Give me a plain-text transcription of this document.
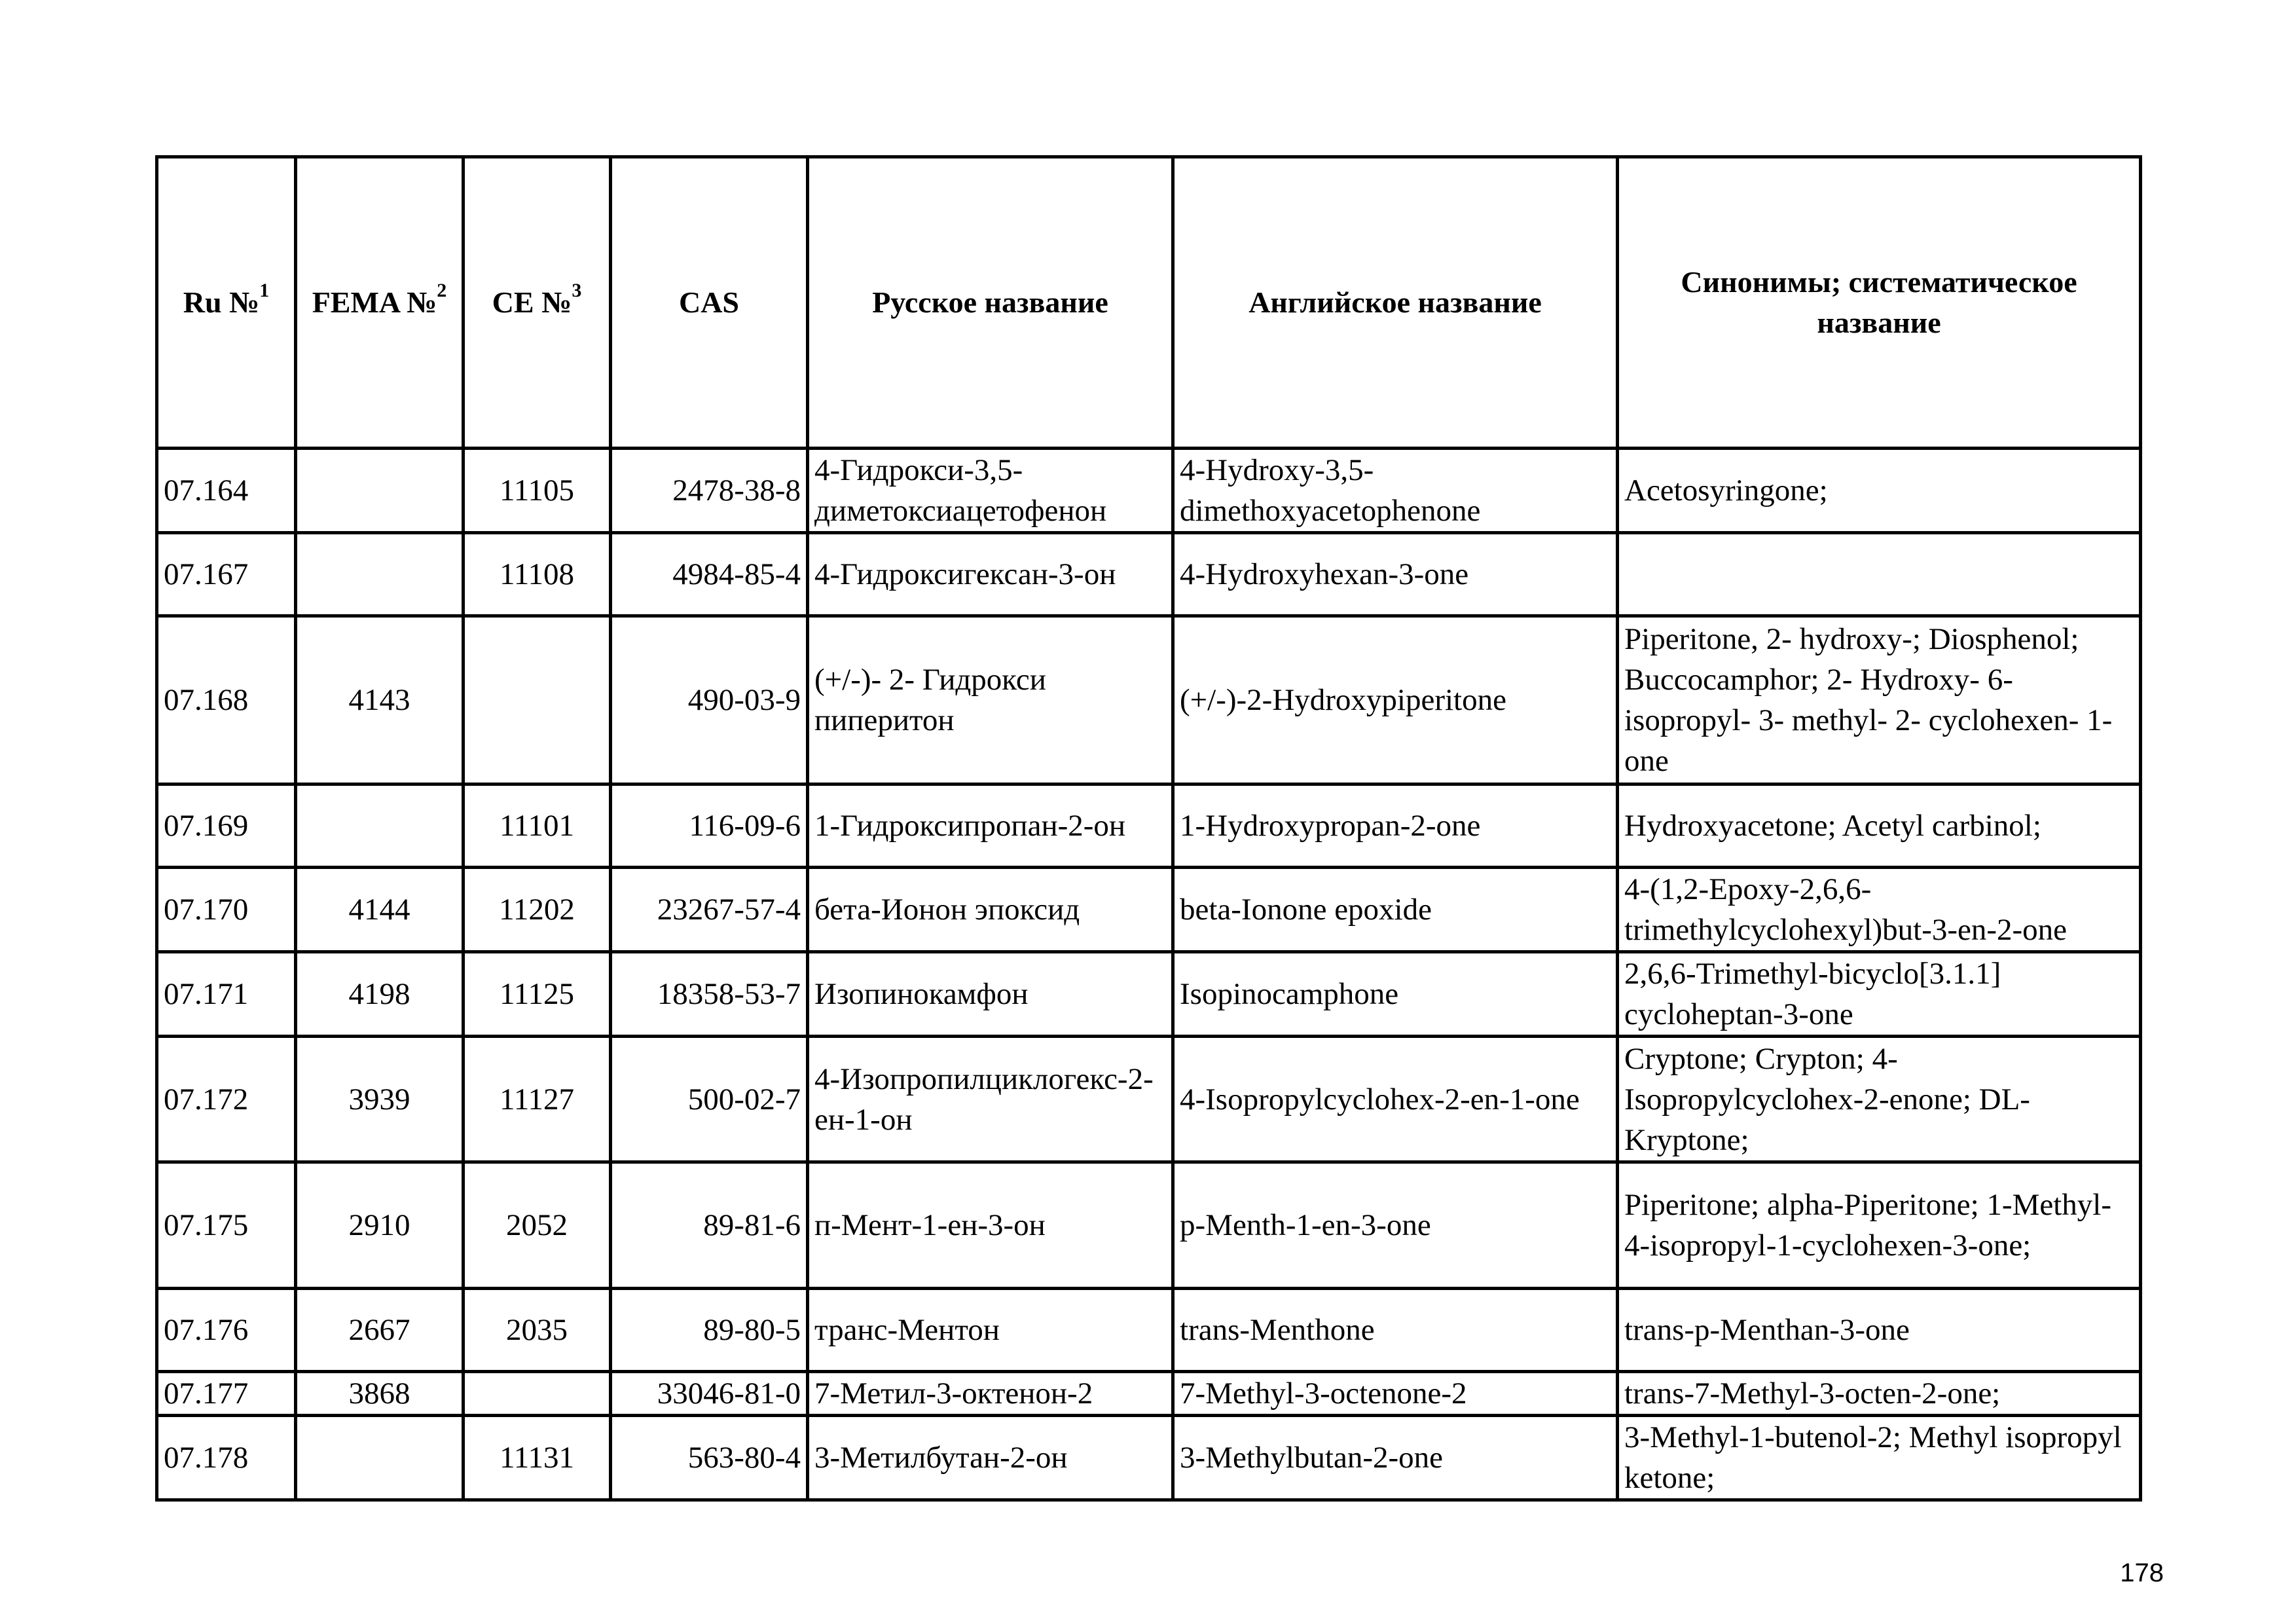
Ru №$^1$	FEMA №$^2$	CE №$^3$	CAS	Русское название	Английское название	Синонимы; систематическое название
07.164		11105	2478-38-8	4-Гидрокси-3,5-диметоксиацетофенон	4-Hydroxy-3,5-dimethoxyacetophenone	Acetosyringone;
07.167		11108	4984-85-4	4-Гидроксигексан-3-он	4-Hydroxyhexan-3-one	
07.168	4143		490-03-9	(+/-)- 2- Гидрокси пиперитон	(+/-)-2-Hydroxypiperitone	Piperitone, 2- hydroxy-; Diosphenol; Buccocamphor; 2- Hydroxy- 6- isopropyl- 3- methyl- 2- cyclohexen- 1- one
07.169		11101	116-09-6	1-Гидроксипропан-2-он	1-Hydroxypropan-2-one	Hydroxyacetone; Acetyl carbinol;
07.170	4144	11202	23267-57-4	бета-Ионон эпоксид	beta-Ionone epoxide	4-(1,2-Epoxy-2,6,6-trimethylcyclohexyl)but-3-en-2-one
07.171	4198	11125	18358-53-7	Изопинокамфон	Isopinocamphone	2,6,6-Trimethyl-bicyclo[3.1.1] cycloheptan-3-one
07.172	3939	11127	500-02-7	4-Изопропилциклогекс-2-ен-1-он	4-Isopropylcyclohex-2-en-1-one	Cryptone; Crypton; 4-Isopropylcyclohex-2-enone; DL-Kryptone;
07.175	2910	2052	89-81-6	п-Мент-1-ен-3-он	p-Menth-1-en-3-one	Piperitone; alpha-Piperitone; 1-Methyl-4-isopropyl-1-cyclohexen-3-one;
07.176	2667	2035	89-80-5	транс-Ментон	trans-Menthone	trans-p-Menthan-3-one
07.177	3868		33046-81-0	7-Метил-3-октенон-2	7-Methyl-3-octenone-2	trans-7-Methyl-3-octen-2-one;
07.178		11131	563-80-4	3-Метилбутан-2-он	3-Methylbutan-2-one	3-Methyl-1-butenol-2; Methyl isopropyl ketone;
178
